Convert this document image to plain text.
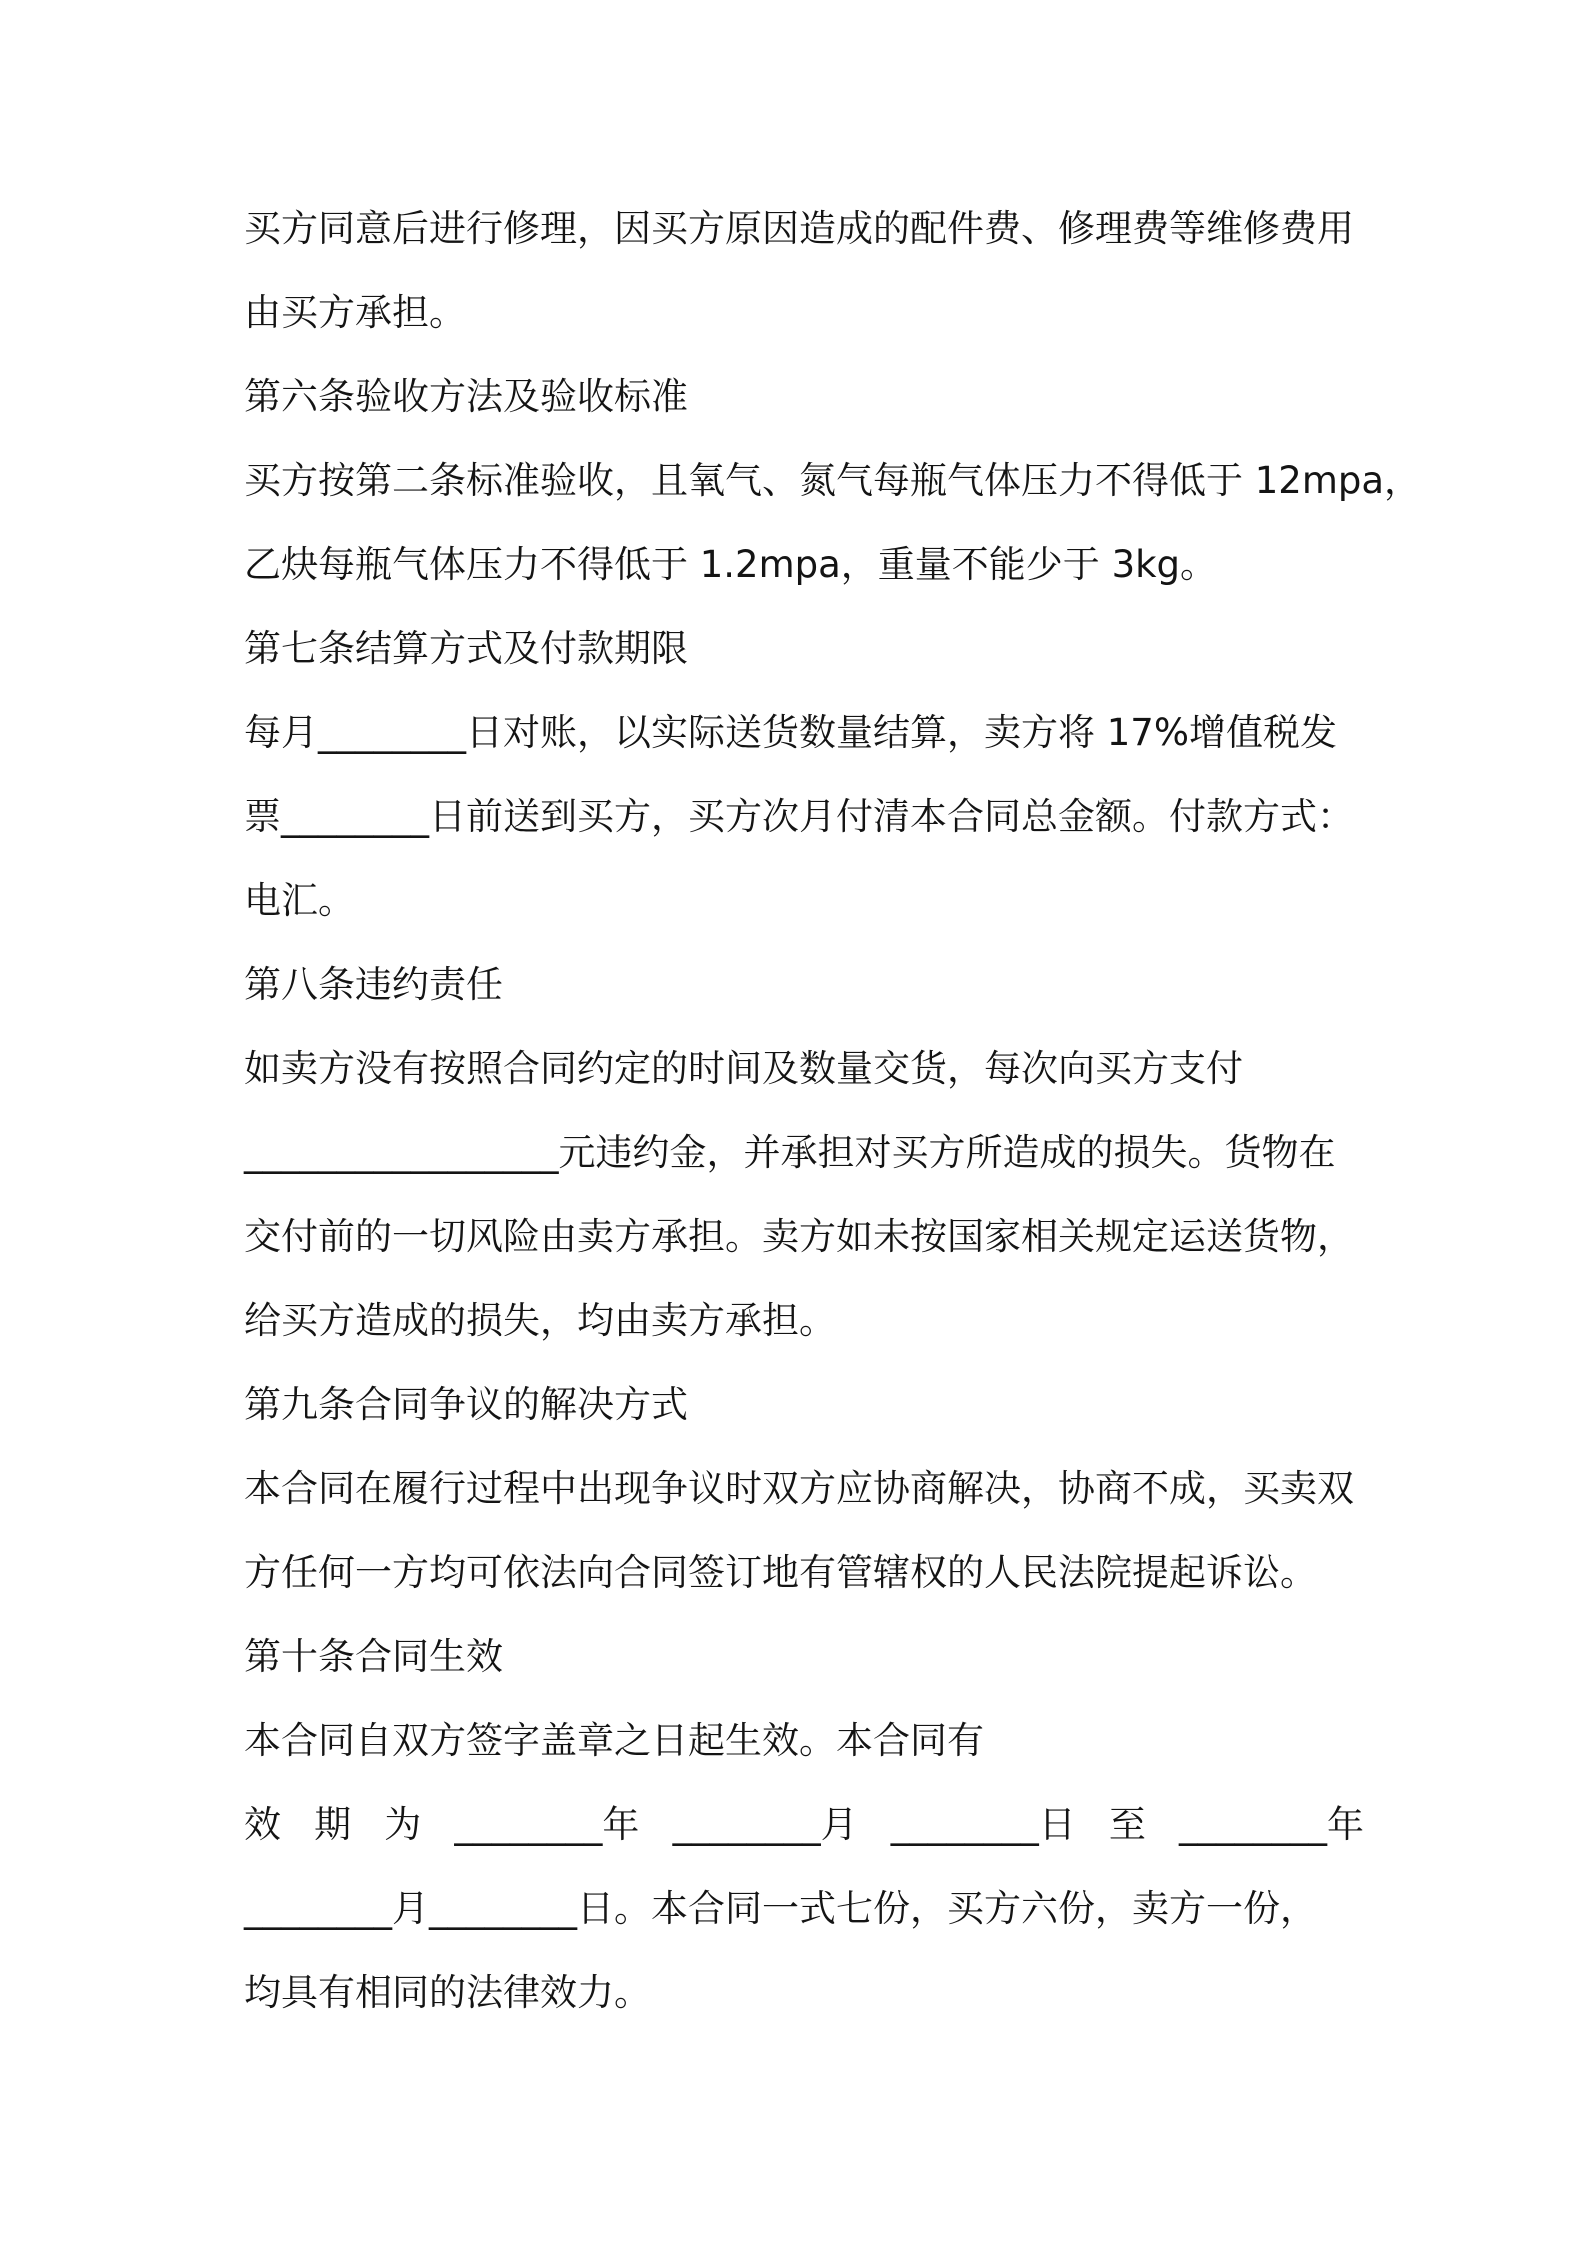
买方同意后进行修理，因买方原因造成的配件费、修理费等维修费用
由买方承担。
第六条验收方法及验收标准
买方按第二条标准验收，且氧气、氮气每瓶气体压力不得低于 12mpa，
乙炔每瓶气体压力不得低于 1.2mpa，重量不能少于 3kg。
第七条结算方式及付款期限
每月________日对账，以实际送货数量结算，卖方将 17%增值税发
票________日前送到买方，买方次月付清本合同总金额。付款方式：
电汇。
第八条违约责任
如卖方没有按照合同约定的时间及数量交货，每次向买方支付
_________________元违约金，并承担对买方所造成的损失。货物在
交付前的一切风险由卖方承担。卖方如未按国家相关规定运送货物，
给买方造成的损失，均由卖方承担。
第九条合同争议的解决方式
本合同在履行过程中出现争议时双方应协商解决，协商不成，买卖双
方任何一方均可依法向合同签订地有管辖权的人民法院提起诉讼。
第十条合同生效
本合同自双方签字盖章之日起生效。本合同有
效 期 为 ________年 ________月 ________日 至 ________年
________月________日。本合同一式七份，买方六份，卖方一份，
均具有相同的法律效力。
